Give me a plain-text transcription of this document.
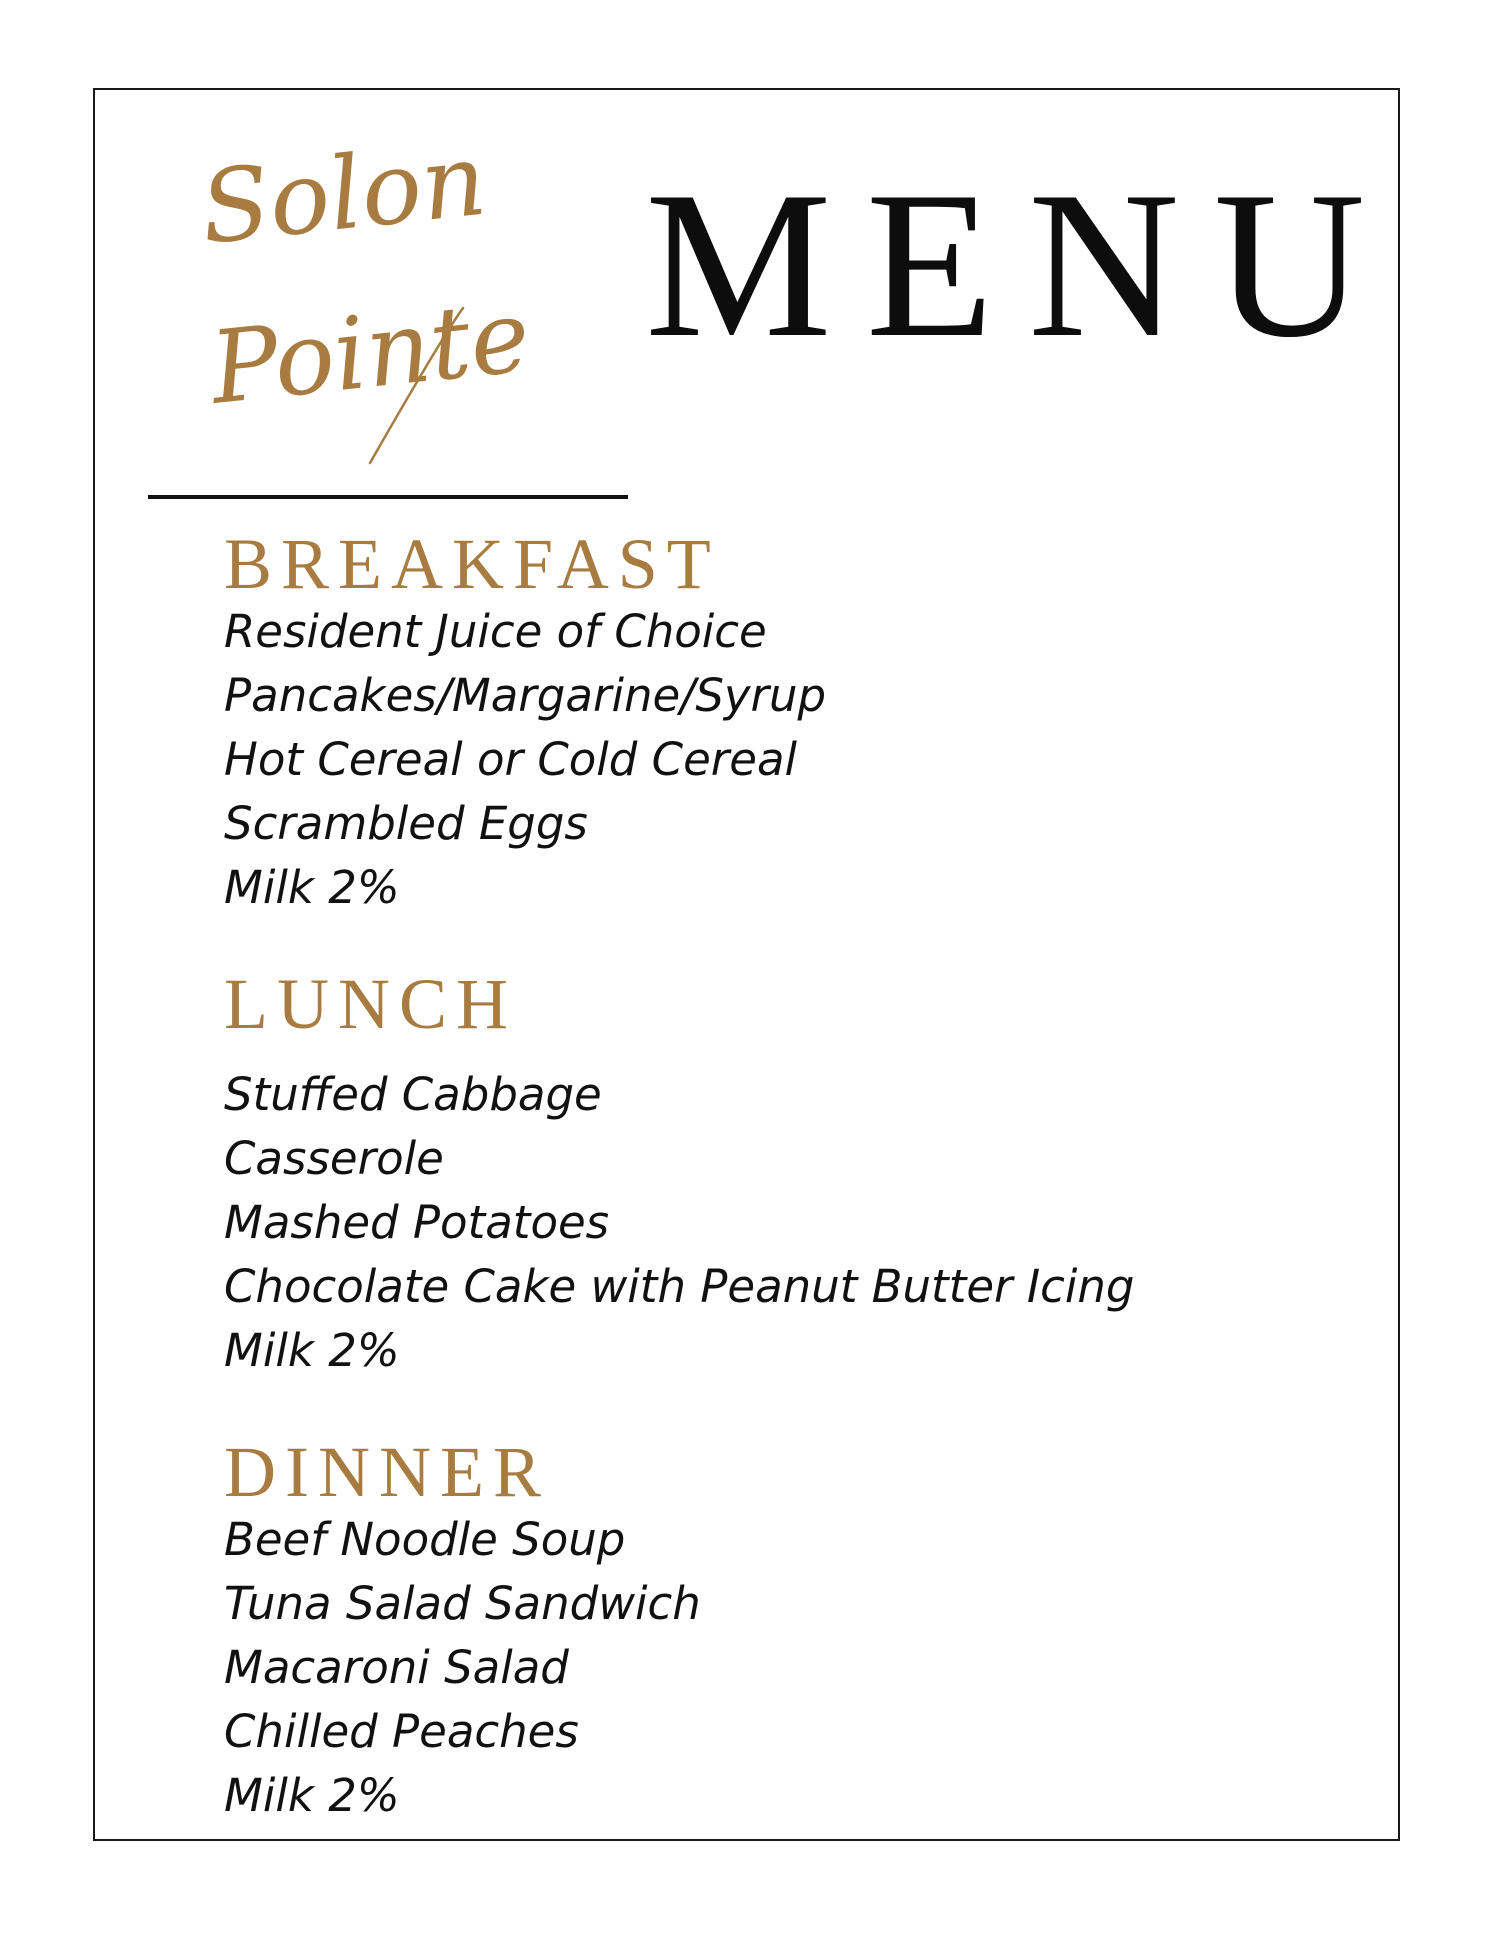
Solon
Pointe MENU
BREAKFAST
Resident Juice of Choice
Pancakes/Margarine/Syrup
Hot Cereal or Cold Cereal
Scrambled Eggs
Milk 2%
LUNCH
Stuffed Cabbage
Casserole
Mashed Potatoes
Chocolate Cake with Peanut Butter Icing
Milk 2%
DINNER
Beef Noodle Soup
Tuna Salad Sandwich
Macaroni Salad
Chilled Peaches
Milk 2%
